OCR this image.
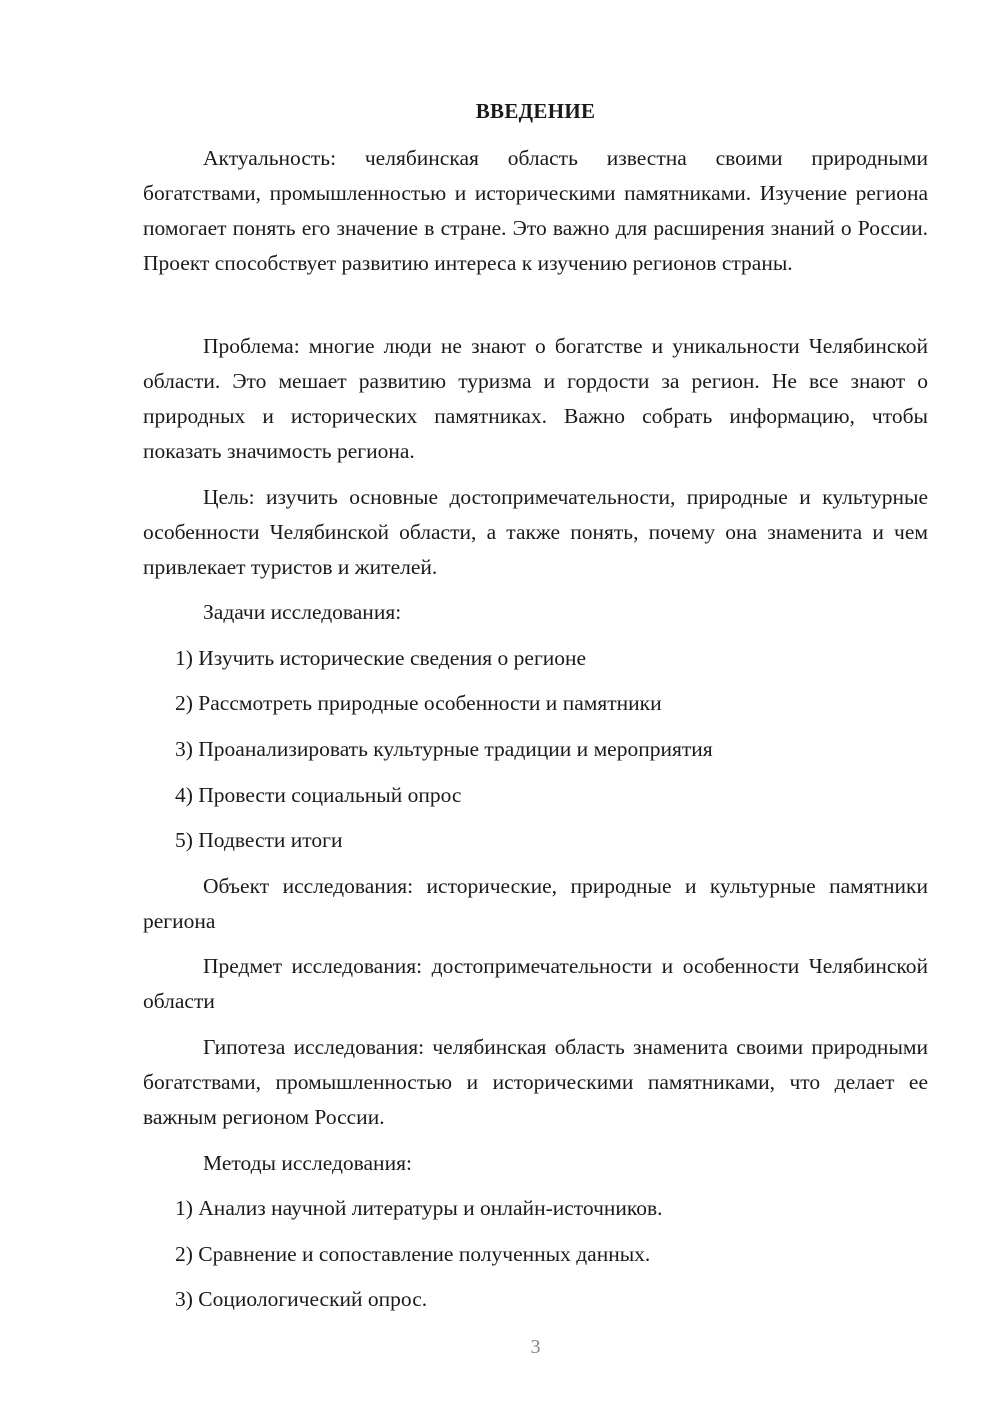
ВВЕДЕНИЕ

Актуальность: челябинская область известна своими природными богатствами, промышленностью и историческими памятниками. Изучение региона помогает понять его значение в стране. Это важно для расширения знаний о России. Проект способствует развитию интереса к изучению регионов страны.

Проблема: многие люди не знают о богатстве и уникальности Челябинской области. Это мешает развитию туризма и гордости за регион. Не все знают о природных и исторических памятниках. Важно собрать информацию, чтобы показать значимость региона.

Цель: изучить основные достопримечательности, природные и культурные особенности Челябинской области, а также понять, почему она знаменита и чем привлекает туристов и жителей.

Задачи исследования:

1) Изучить исторические сведения о регионе

2) Рассмотреть природные особенности и памятники

3) Проанализировать культурные традиции и мероприятия

4) Провести социальный опрос

5) Подвести итоги

Объект исследования: исторические, природные и культурные памятники региона

Предмет исследования: достопримечательности и особенности Челябинской области

Гипотеза исследования: челябинская область знаменита своими природными богатствами, промышленностью и историческими памятниками, что делает ее важным регионом России.

Методы исследования:

1) Анализ научной литературы и онлайн-источников.

2) Сравнение и сопоставление полученных данных.

3) Социологический опрос.

3
